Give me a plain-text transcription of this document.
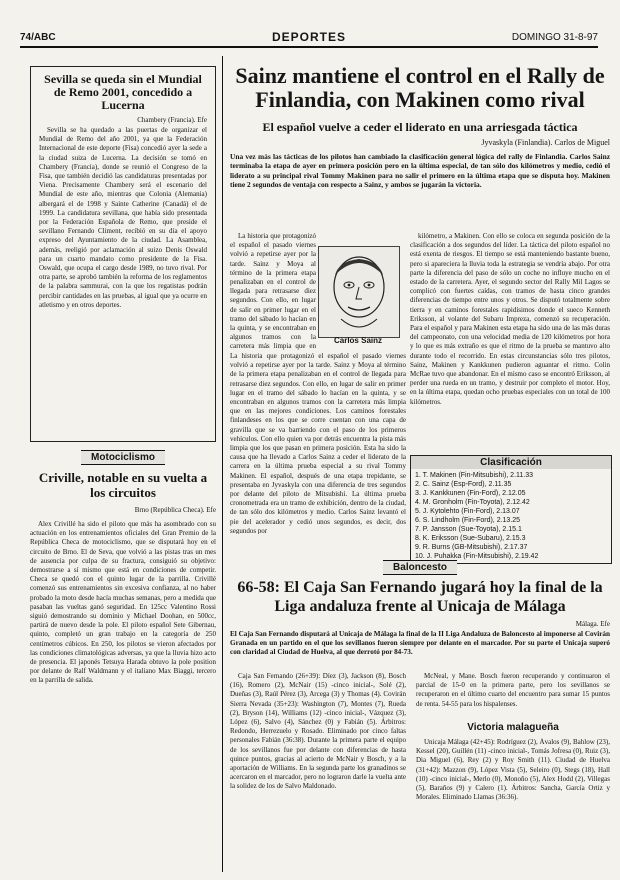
74/ABC	DEPORTES	DOMINGO 31-8-97
Sevilla se queda sin el Mundial de Remo 2001, concedido a Lucerna
Chambery (Francia). Efe

Sevilla se ha quedado a las puertas de organizar el Mundial de Remo del año 2001, ya que la Federación Internacional de este deporte (Fisa) concedió ayer la sede a la ciudad suiza de Lucerna. La decisión se tomó en Chambery (Francia), donde se reunió el Congreso de la Fisa, que también decidió las candidaturas presentadas por Viena. Precisamente Chambery será el escenario del Mundial de este año, mientras que Colonia (Alemania) albergará el de 1998 y Sainte Catherine (Canadá) el de 1999. La candidatura sevillana, que había sido presentada por la Federación Española de Remo, que preside el sevillano Fernando Climent, recibió en su día el apoyo expreso del Ayuntamiento de la ciudad. La Asamblea, además, reeligió por aclamación al suizo Denis Oswald para un cuarto mandato como presidente de la Fisa. Oswald, que ocupa el cargo desde 1989, no tuvo rival. Por otra parte, se aprobó también la reforma de los reglamentos de la palabra sammurai, con la que los regatistas podrán percibir cantidades en las pruebas, al igual que ya ocurre en atletismo y en otros deportes.

Motociclismo
Criville, notable en su vuelta a los circuitos
Brno (República Checa). Efe

Alex Crivillé ha sido el piloto que más ha asombrado con su actuación en los entrenamientos oficiales del Gran Premio de la República Checa de motociclismo, que se disputará hoy en el circuito de Brno. El de Seva, que volvió a las pistas tras un mes de ausencia por culpa de su fractura, consiguió su objetivo: demostrarse a sí mismo que está en condiciones de competir. Checa se quedó con el quinto lugar de la parrilla. Crivillé comenzó sus entrenamientos sin excesiva confianza, al no haber probado la moto desde hacía muchas semanas, pero a medida que pasaban las vueltas ganó seguridad. En 125cc Valentino Rossi siguió demostrando su dominio y Michael Doohan, en 500cc, partirá de nuevo desde la pole. El piloto español Sete Gibernau, quinto, completó un gran trabajo en la categoría de 250 centímetros cúbicos. En 250, los pilotos se vieron afectados por las condiciones climatológicas adversas, ya que la lluvia hizo acto de presencia. El japonés Tetsuya Harada obtuvo la pole position por delante de Ralf Waldmann y el italiano Max Biaggi, tercero en la parrilla de salida.

Sainz mantiene el control en el Rally de Finlandia, con Makinen como rival
El español vuelve a ceder el liderato en una arriesgada táctica
Jyvaskyla (Finlandia). Carlos de Miguel

Una vez más las tácticas de los pilotos han cambiado la clasificación general lógica del rally de Finlandia. Carlos Sainz terminaba la etapa de ayer en primera posición pero en la última especial, de tan sólo dos kilómetros y medio, cedió el liderato a su principal rival Tommy Makinen para no salir el primero en la última etapa que se disputa hoy. Makinen tiene 2 segundos de ventaja con respecto a Sainz, y ambos se jugarán la victoria.

La historia que protagonizó el español el pasado viernes volvió a repetirse ayer por la tarde. Sainz y Moya al término de la primera etapa penalizaban en el control de llegada para retrasarse diez segundos. Con ello, en lugar de salir en primer lugar en el tramo del sábado lo hacían en la quinta, y se encontraban en algunos tramos con la carretera más limpia que en

La historia que protagonizó el español el pasado viernes volvió a repetirse ayer por la tarde. Sainz y Moya al término de la primera etapa penalizaban en el control de llegada para retrasarse diez segundos. Con ello, en lugar de salir en primer lugar en el tramo del sábado lo hacían en la quinta, y se encontraban en algunos tramos con la carretera más limpia que en las mejores condiciones. Los caminos forestales finlandeses en los que se corre cuentan con una capa de gravilla que se va barriendo con el paso de los primeros vehículos. Con ello quien va por detrás encuentra la pista más limpia que los que pasan en primera posición. Esta ha sido la causa que ha llevado a Carlos Sainz a ceder el liderato de la carrera en la última prueba especial a su rival Tommy Makinen. El español, después de una etapa trepidante, se presentaba en Jyvaskyla con una diferencia de tres segundos por delante del piloto de Mitsubishi. La última prueba cronometrada era un tramo de exhibición, dentro de la ciudad, de tan sólo dos kilómetros y medio. Carlos Sainz levantó el pie del acelerador y cedió unos segundos, es decir, dos segundos por

Carlos Sainz

kilómetro, a Makinen. Con ello se coloca en segunda posición de la clasificación a dos segundos del líder. La táctica del piloto español no está exenta de riesgos. El tiempo se está manteniendo bastante bueno, pero si apareciera la lluvia toda la estrategia se vendría abajo. Por otra parte la diferencia del paso de sólo un coche no influye mucho en el estado de la carretera. Ayer, el segundo sector del Rally Mil Lagos se complicó con fuertes caídas, con tramos de hasta cinco grandes diferencias de tiempo entre unos y otros. Se disputó totalmente sobre tierra y en caminos forestales rapidísimos donde el sueco Kenneth Eriksson, al volante del Subaru Impreza, comenzó su recuperación. Para el español y para Makinen esta etapa ha sido una de las más duras del campeonato, con una velocidad media de 120 kilómetros por hora y lo que es más extraño es que el ritmo de la prueba se mantuvo alto durante todo el recorrido. En estas circunstancias sólo tres pilotos, Sainz, Makinen y Kankkunen pudieron aguantar el ritmo. Colin McRae tuvo que abandonar. En el mismo caso se encontró Eriksson, al perder una rueda en un tramo, y destruir por completo el motor. Hoy, en la última etapa, quedan ocho pruebas especiales con un total de 100 kilómetros.

Clasificación
1. T. Makinen (Fin-Mitsubishi), 2.11.33
2. C. Sainz (Esp-Ford), 2.11.35
3. J. Kankkunen (Fin-Ford), 2.12.05
4. M. Gronholm (Fin-Toyota), 2.12.42
5. J. Kytolehto (Fin-Ford), 2.13.07
6. S. Lindholm (Fin-Ford), 2.13.25
7. P. Jansson (Sue-Toyota), 2.15.1
8. K. Eriksson (Sue-Subaru), 2.15.3
9. R. Burns (GB-Mitsubishi), 2.17.37
10. J. Puhakka (Fin-Mitsubishi), 2.19.42
Baloncesto
66-58: El Caja San Fernando jugará hoy la final de la Liga andaluza frente al Unicaja de Málaga
Málaga. Efe

El Caja San Fernando disputará al Unicaja de Málaga la final de la II Liga Andaluza de Baloncesto al imponerse al Covirán Granada en un partido en el que los sevillanos fueron siempre por delante en el marcador. Por su parte el Unicaja superó con claridad al Ciudad de Huelva, al que derrotó por 84-73.

Caja San Fernando (26+39): Díez (3), Jackson (8), Bosch (16), Romero (2), McNair (15) -cinco inicial-, Solé (2), Dueñas (3), Raúl Pérez (3), Arcega (3) y Thomas (4). Covirán Sierra Nevada (35+23): Washington (7), Montes (7), Rueda (2), Bryson (14), Williams (12) -cinco inicial-, Vázquez (3), López (6), Salvo (4), Sánchez (0) y Fabián (5). Árbitros: Redondo, Herrezuelo y Rosado. Eliminado por cinco faltas personales Fabián (36:38). Durante la primera parte el equipo de los sevillanos fue por delante con diferencias de hasta quince puntos, gracias al acierto de McNair y Bosch, y a la aportación de Williams. En la segunda parte los granadinos se acercaron en el marcador, pero no lograron darle la vuelta ante la solidez de los de Salvo Maldonado.

McNeal, y Mane. Bosch fueron recuperando y continuaron el parcial de 15-0 en la primera parte, pero los sevillanos se recuperaron en el último cuarto del encuentro para sumar 15 puntos de renta. 54-55 para los hispalenses.

Victoria malagueña

Unicaja Málaga (42+45): Rodríguez (2), Ávalos (9), Bahlow (23), Kessel (20), Guillén (11) -cinco inicial-, Tomás Jofresa (0), Ruiz (3), Dia Miguel (6), Rey (2) y Roy Smith (11). Ciudad de Huelva (31+42): Mazzon (9), López Vista (5), Seleiro (0), Stegs (18), Hall (10) -cinco inicial-, Merlo (0), Monoño (5), Alex Hodd (2), Villegas (5), Baraños (9) y Calero (1). Árbitros: Sancha, García Ortiz y Morales. Eliminado Llamas (36:36).
